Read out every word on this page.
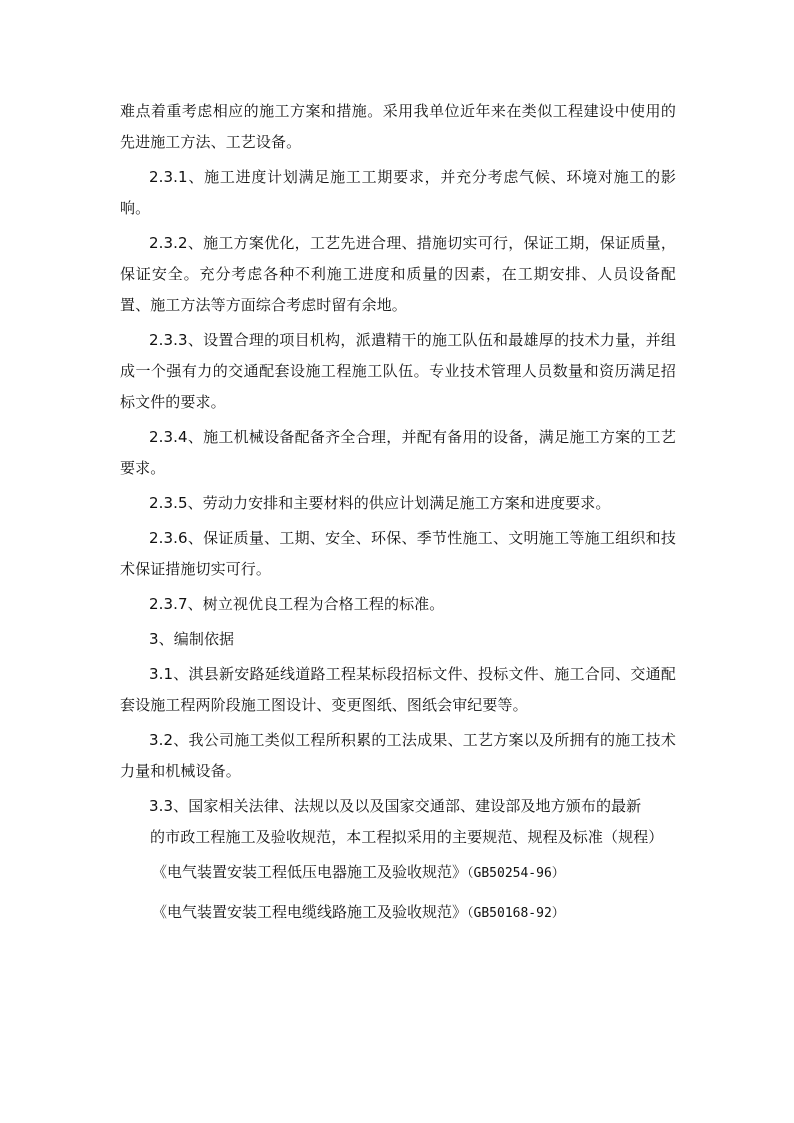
难点着重考虑相应的施工方案和措施。采用我单位近年来在类似工程建设中使用的先进施工方法、工艺设备。

2.3.1、施工进度计划满足施工工期要求，并充分考虑气候、环境对施工的影响。

2.3.2、施工方案优化，工艺先进合理、措施切实可行，保证工期，保证质量，保证安全。充分考虑各种不利施工进度和质量的因素，在工期安排、人员设备配置、施工方法等方面综合考虑时留有余地。

2.3.3、设置合理的项目机构，派遣精干的施工队伍和最雄厚的技术力量，并组成一个强有力的交通配套设施工程施工队伍。专业技术管理人员数量和资历满足招标文件的要求。

2.3.4、施工机械设备配备齐全合理，并配有备用的设备，满足施工方案的工艺要求。

2.3.5、劳动力安排和主要材料的供应计划满足施工方案和进度要求。

2.3.6、保证质量、工期、安全、环保、季节性施工、文明施工等施工组织和技术保证措施切实可行。

2.3.7、树立视优良工程为合格工程的标准。

3、编制依据

3.1、淇县新安路延线道路工程某标段招标文件、投标文件、施工合同、交通配套设施工程两阶段施工图设计、变更图纸、图纸会审纪要等。

3.2、我公司施工类似工程所积累的工法成果、工艺方案以及所拥有的施工技术力量和机械设备。

3.3、国家相关法律、法规以及以及国家交通部、建设部及地方颁布的最新

的市政工程施工及验收规范，本工程拟采用的主要规范、规程及标准（规程）

《电气装置安装工程低压电器施工及验收规范》（GB50254-96）
《电气装置安装工程电缆线路施工及验收规范》（GB50168-92）
